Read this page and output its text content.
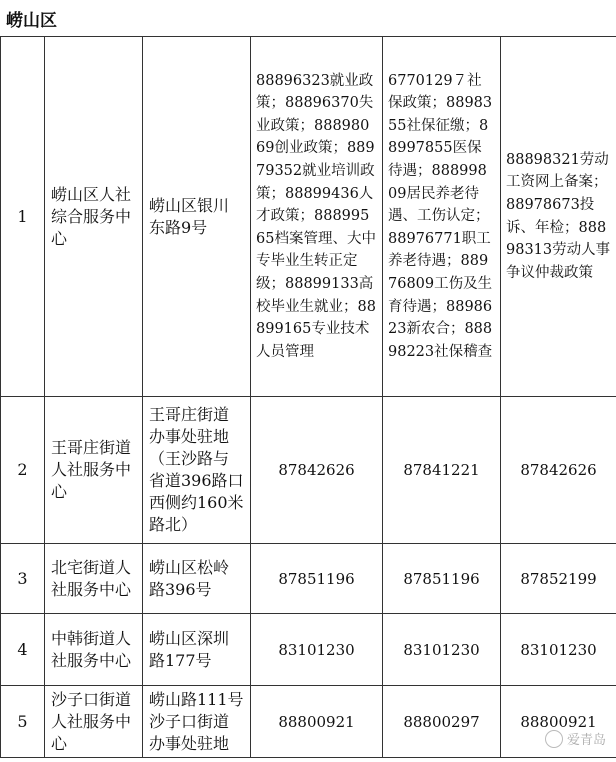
崂山区
1	崂山区人社综合服务中心	崂山区银川东路9号	88896323就业政策；88896370失业政策；88898069创业政策；88979352就业培训政策；88899436人才政策；88899565档案管理、大中专毕业生转正定级；88899133高校毕业生就业；88899165专业技术人员管理	6770129７社保政策；8898355社保征缴；88997855医保待遇；88899809居民养老待遇、工伤认定；88976771职工养老待遇；88976809工伤及生育待遇；8898623新农合；88898223社保稽查	88898321劳动工资网上备案；88978673投诉、年检；88898313劳动人事争议仲裁政策
2	王哥庄街道人社服务中心	王哥庄街道办事处驻地（王沙路与省道396路口西侧约160米路北）	87842626	87841221	87842626
3	北宅街道人社服务中心	崂山区松岭路396号	87851196	87851196	87852199
4	中韩街道人社服务中心	崂山区深圳路177号	83101230	83101230	83101230
5	沙子口街道人社服务中心	崂山路111号沙子口街道办事处驻地	88800921	88800297	88800921
爱青岛
